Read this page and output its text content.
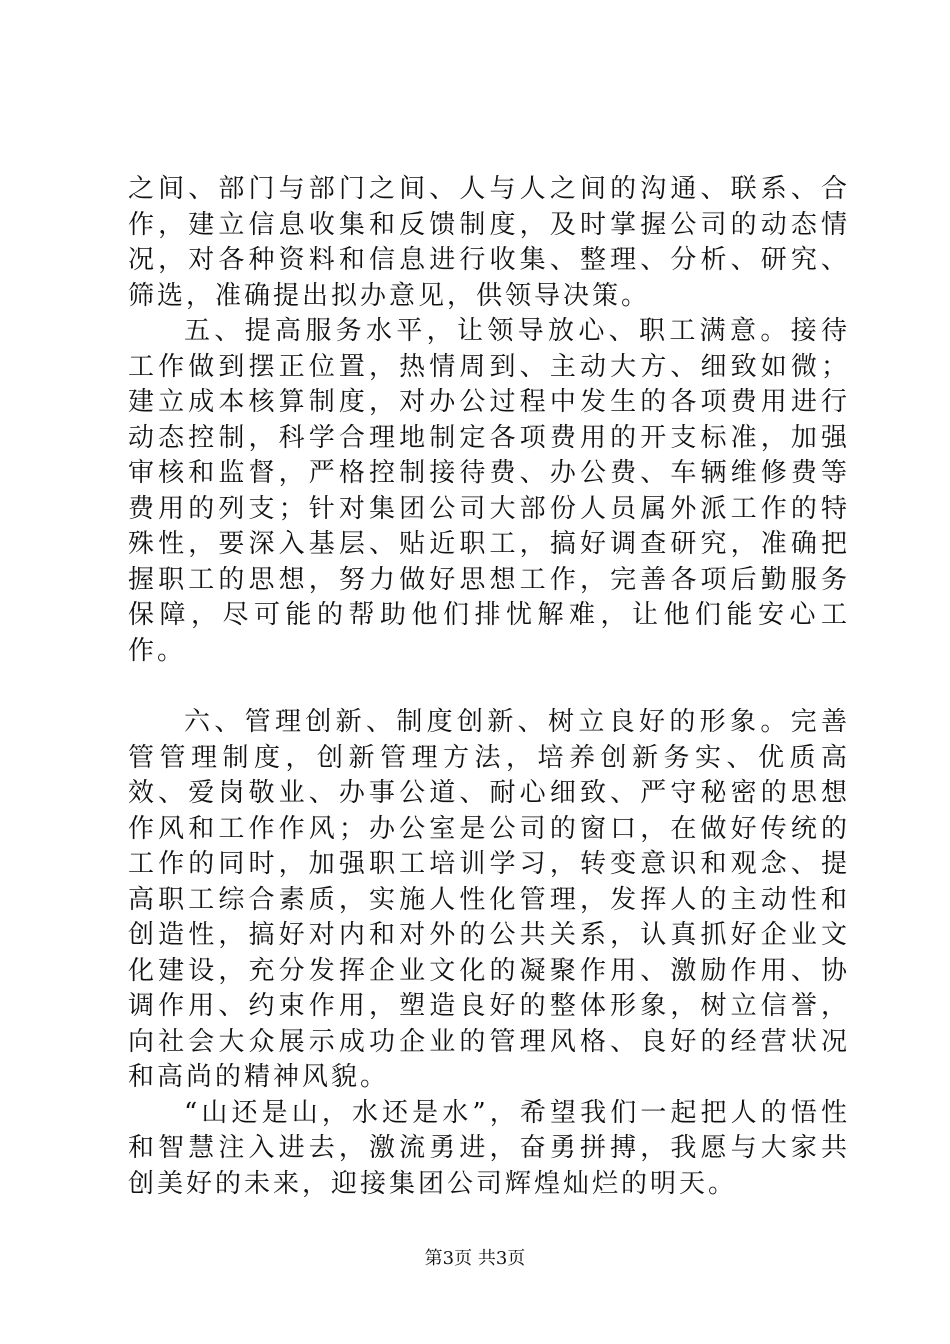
之间、部门与部门之间、人与人之间的沟通、联系、合作，建立信息收集和反馈制度，及时掌握公司的动态情况，对各种资料和信息进行收集、整理、分析、研究、筛选，准确提出拟办意见，供领导决策。

五、提高服务水平，让领导放心、职工满意。接待工作做到摆正位置，热情周到、主动大方、细致如微；建立成本核算制度，对办公过程中发生的各项费用进行动态控制，科学合理地制定各项费用的开支标准，加强审核和监督，严格控制接待费、办公费、车辆维修费等费用的列支；针对集团公司大部份人员属外派工作的特殊性，要深入基层、贴近职工，搞好调查研究，准确把握职工的思想，努力做好思想工作，完善各项后勤服务保障，尽可能的帮助他们排忧解难，让他们能安心工作。

六、管理创新、制度创新、树立良好的形象。完善管管理制度，创新管理方法，培养创新务实、优质高效、爱岗敬业、办事公道、耐心细致、严守秘密的思想作风和工作作风；办公室是公司的窗口，在做好传统的工作的同时，加强职工培训学习，转变意识和观念、提高职工综合素质，实施人性化管理，发挥人的主动性和创造性，搞好对内和对外的公共关系，认真抓好企业文化建设，充分发挥企业文化的凝聚作用、激励作用、协调作用、约束作用，塑造良好的整体形象，树立信誉，向社会大众展示成功企业的管理风格、良好的经营状况和高尚的精神风貌。

“山还是山，水还是水”，希望我们一起把人的悟性和智慧注入进去，激流勇进，奋勇拼搏，我愿与大家共创美好的未来，迎接集团公司辉煌灿烂的明天。

第3页 共3页
